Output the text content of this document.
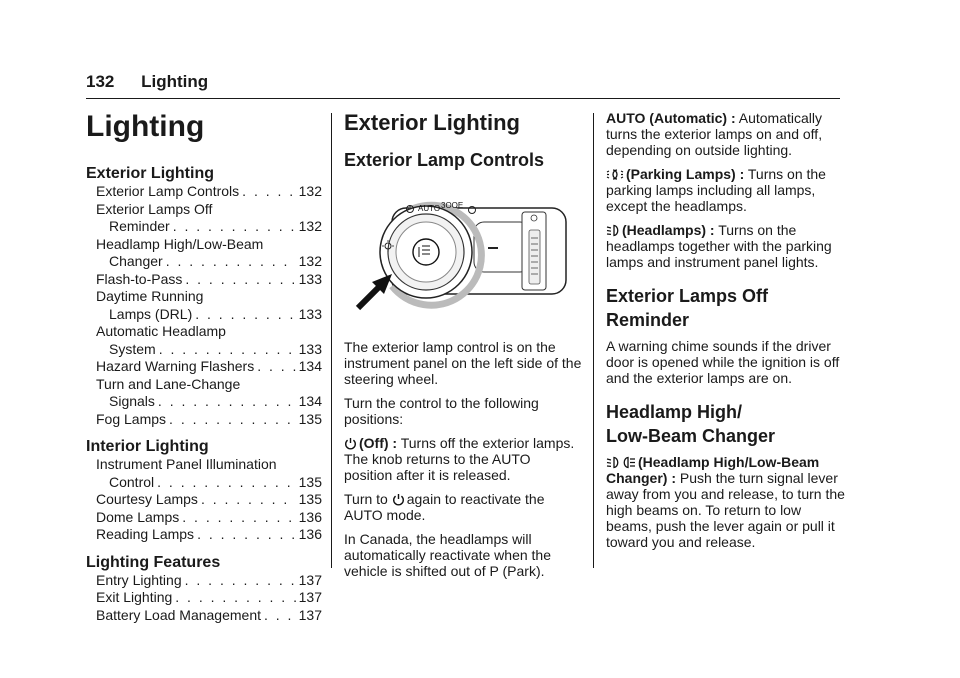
132 Lighting
Lighting
Exterior Lighting
Exterior Lamp Controls . . .	132
Exterior Lamps Off
Reminder . . .	132
Headlamp High/Low-Beam
Changer . . .	132
Flash-to-Pass . . .	133
Daytime Running
Lamps (DRL) . . .	133
Automatic Headlamp
System . . .	133
Hazard Warning Flashers . . .	134
Turn and Lane-Change
Signals . . .	134
Fog Lamps . . .	135
Interior Lighting
Instrument Panel Illumination
Control . . .	135
Courtesy Lamps . . .	135
Dome Lamps . . .	136
Reading Lamps . . .	136
Lighting Features
Entry Lighting . . .	137
Exit Lighting . . .	137
Battery Load Management . . .	137
Exterior Lighting
Exterior Lamp Controls
AUTO 3OOE

The exterior lamp control is on the instrument panel on the left side of the steering wheel.

Turn the control to the following positions:

(Off) : Turns off the exterior lamps. The knob returns to the AUTO position after it is released.

Turn to again to reactivate the AUTO mode.

In Canada, the headlamps will automatically reactivate when the vehicle is shifted out of P (Park).

AUTO (Automatic) : Automatically turns the exterior lamps on and off, depending on outside lighting.

(Parking Lamps) : Turns on the parking lamps including all lamps, except the headlamps.

(Headlamps) : Turns on the headlamps together with the parking lamps and instrument panel lights.

Exterior Lamps Off
Reminder

A warning chime sounds if the driver door is opened while the ignition is off and the exterior lamps are on.

Headlamp High/
Low-Beam Changer

(Headlamp High/Low-Beam Changer) : Push the turn signal lever away from you and release, to turn the high beams on. To return to low beams, push the lever again or pull it toward you and release.
